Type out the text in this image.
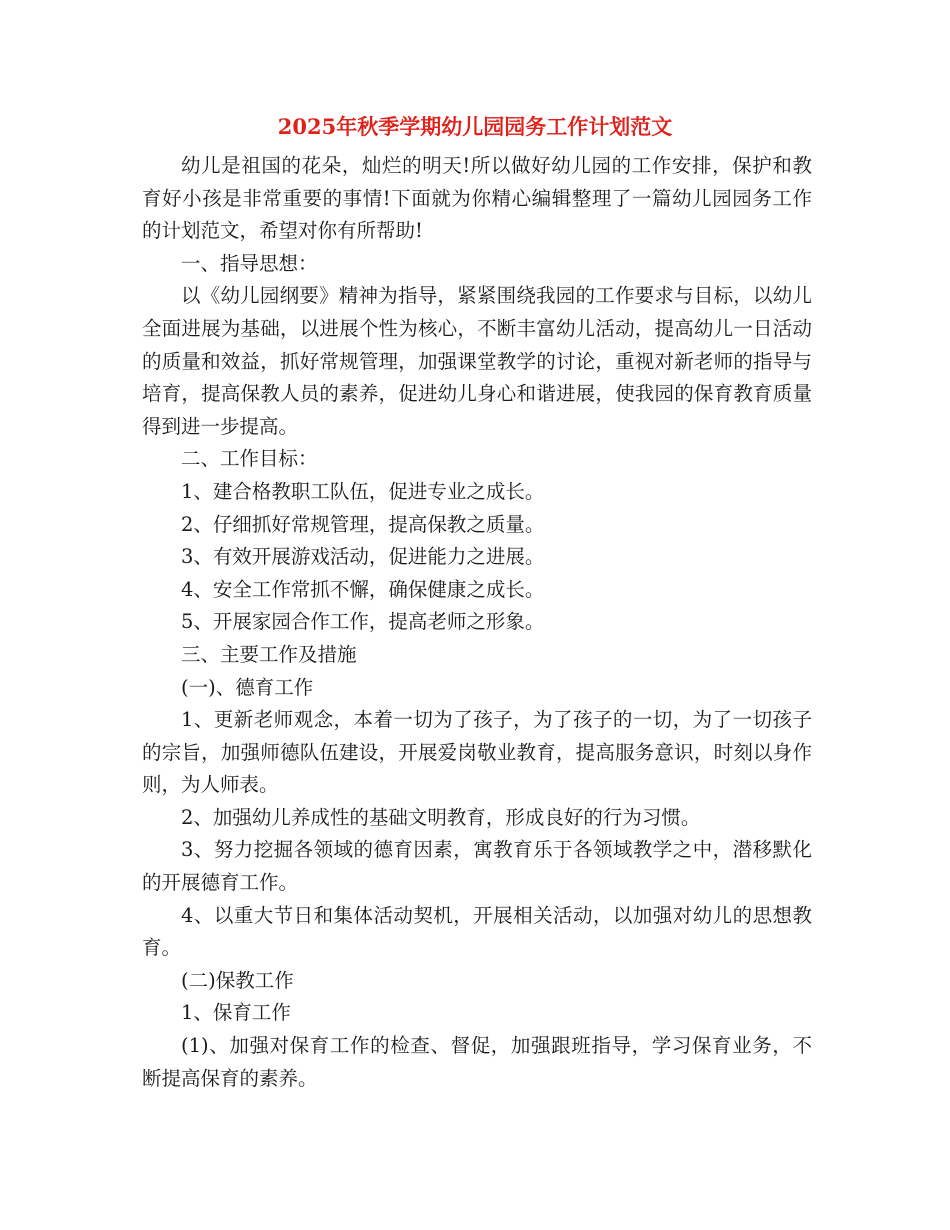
2025年秋季学期幼儿园园务工作计划范文

幼儿是祖国的花朵，灿烂的明天!所以做好幼儿园的工作安排，保护和教育好小孩是非常重要的事情!下面就为你精心编辑整理了一篇幼儿园园务工作的计划范文，希望对你有所帮助!

一、指导思想：

以《幼儿园纲要》精神为指导，紧紧围绕我园的工作要求与目标，以幼儿全面进展为基础，以进展个性为核心，不断丰富幼儿活动，提高幼儿一日活动的质量和效益，抓好常规管理，加强课堂教学的讨论，重视对新老师的指导与培育，提高保教人员的素养，促进幼儿身心和谐进展，使我园的保育教育质量得到进一步提高。

二、工作目标：

1、建合格教职工队伍，促进专业之成长。

2、仔细抓好常规管理，提高保教之质量。

3、有效开展游戏活动，促进能力之进展。

4、安全工作常抓不懈，确保健康之成长。

5、开展家园合作工作，提高老师之形象。

三、主要工作及措施

(一)、德育工作

1、更新老师观念，本着一切为了孩子，为了孩子的一切，为了一切孩子的宗旨，加强师德队伍建设，开展爱岗敬业教育，提高服务意识，时刻以身作则，为人师表。

2、加强幼儿养成性的基础文明教育，形成良好的行为习惯。

3、努力挖掘各领域的德育因素，寓教育乐于各领域教学之中，潜移默化的开展德育工作。

4、以重大节日和集体活动契机，开展相关活动，以加强对幼儿的思想教育。

(二)保教工作

1、保育工作

(1)、加强对保育工作的检查、督促，加强跟班指导，学习保育业务，不断提高保育的素养。
